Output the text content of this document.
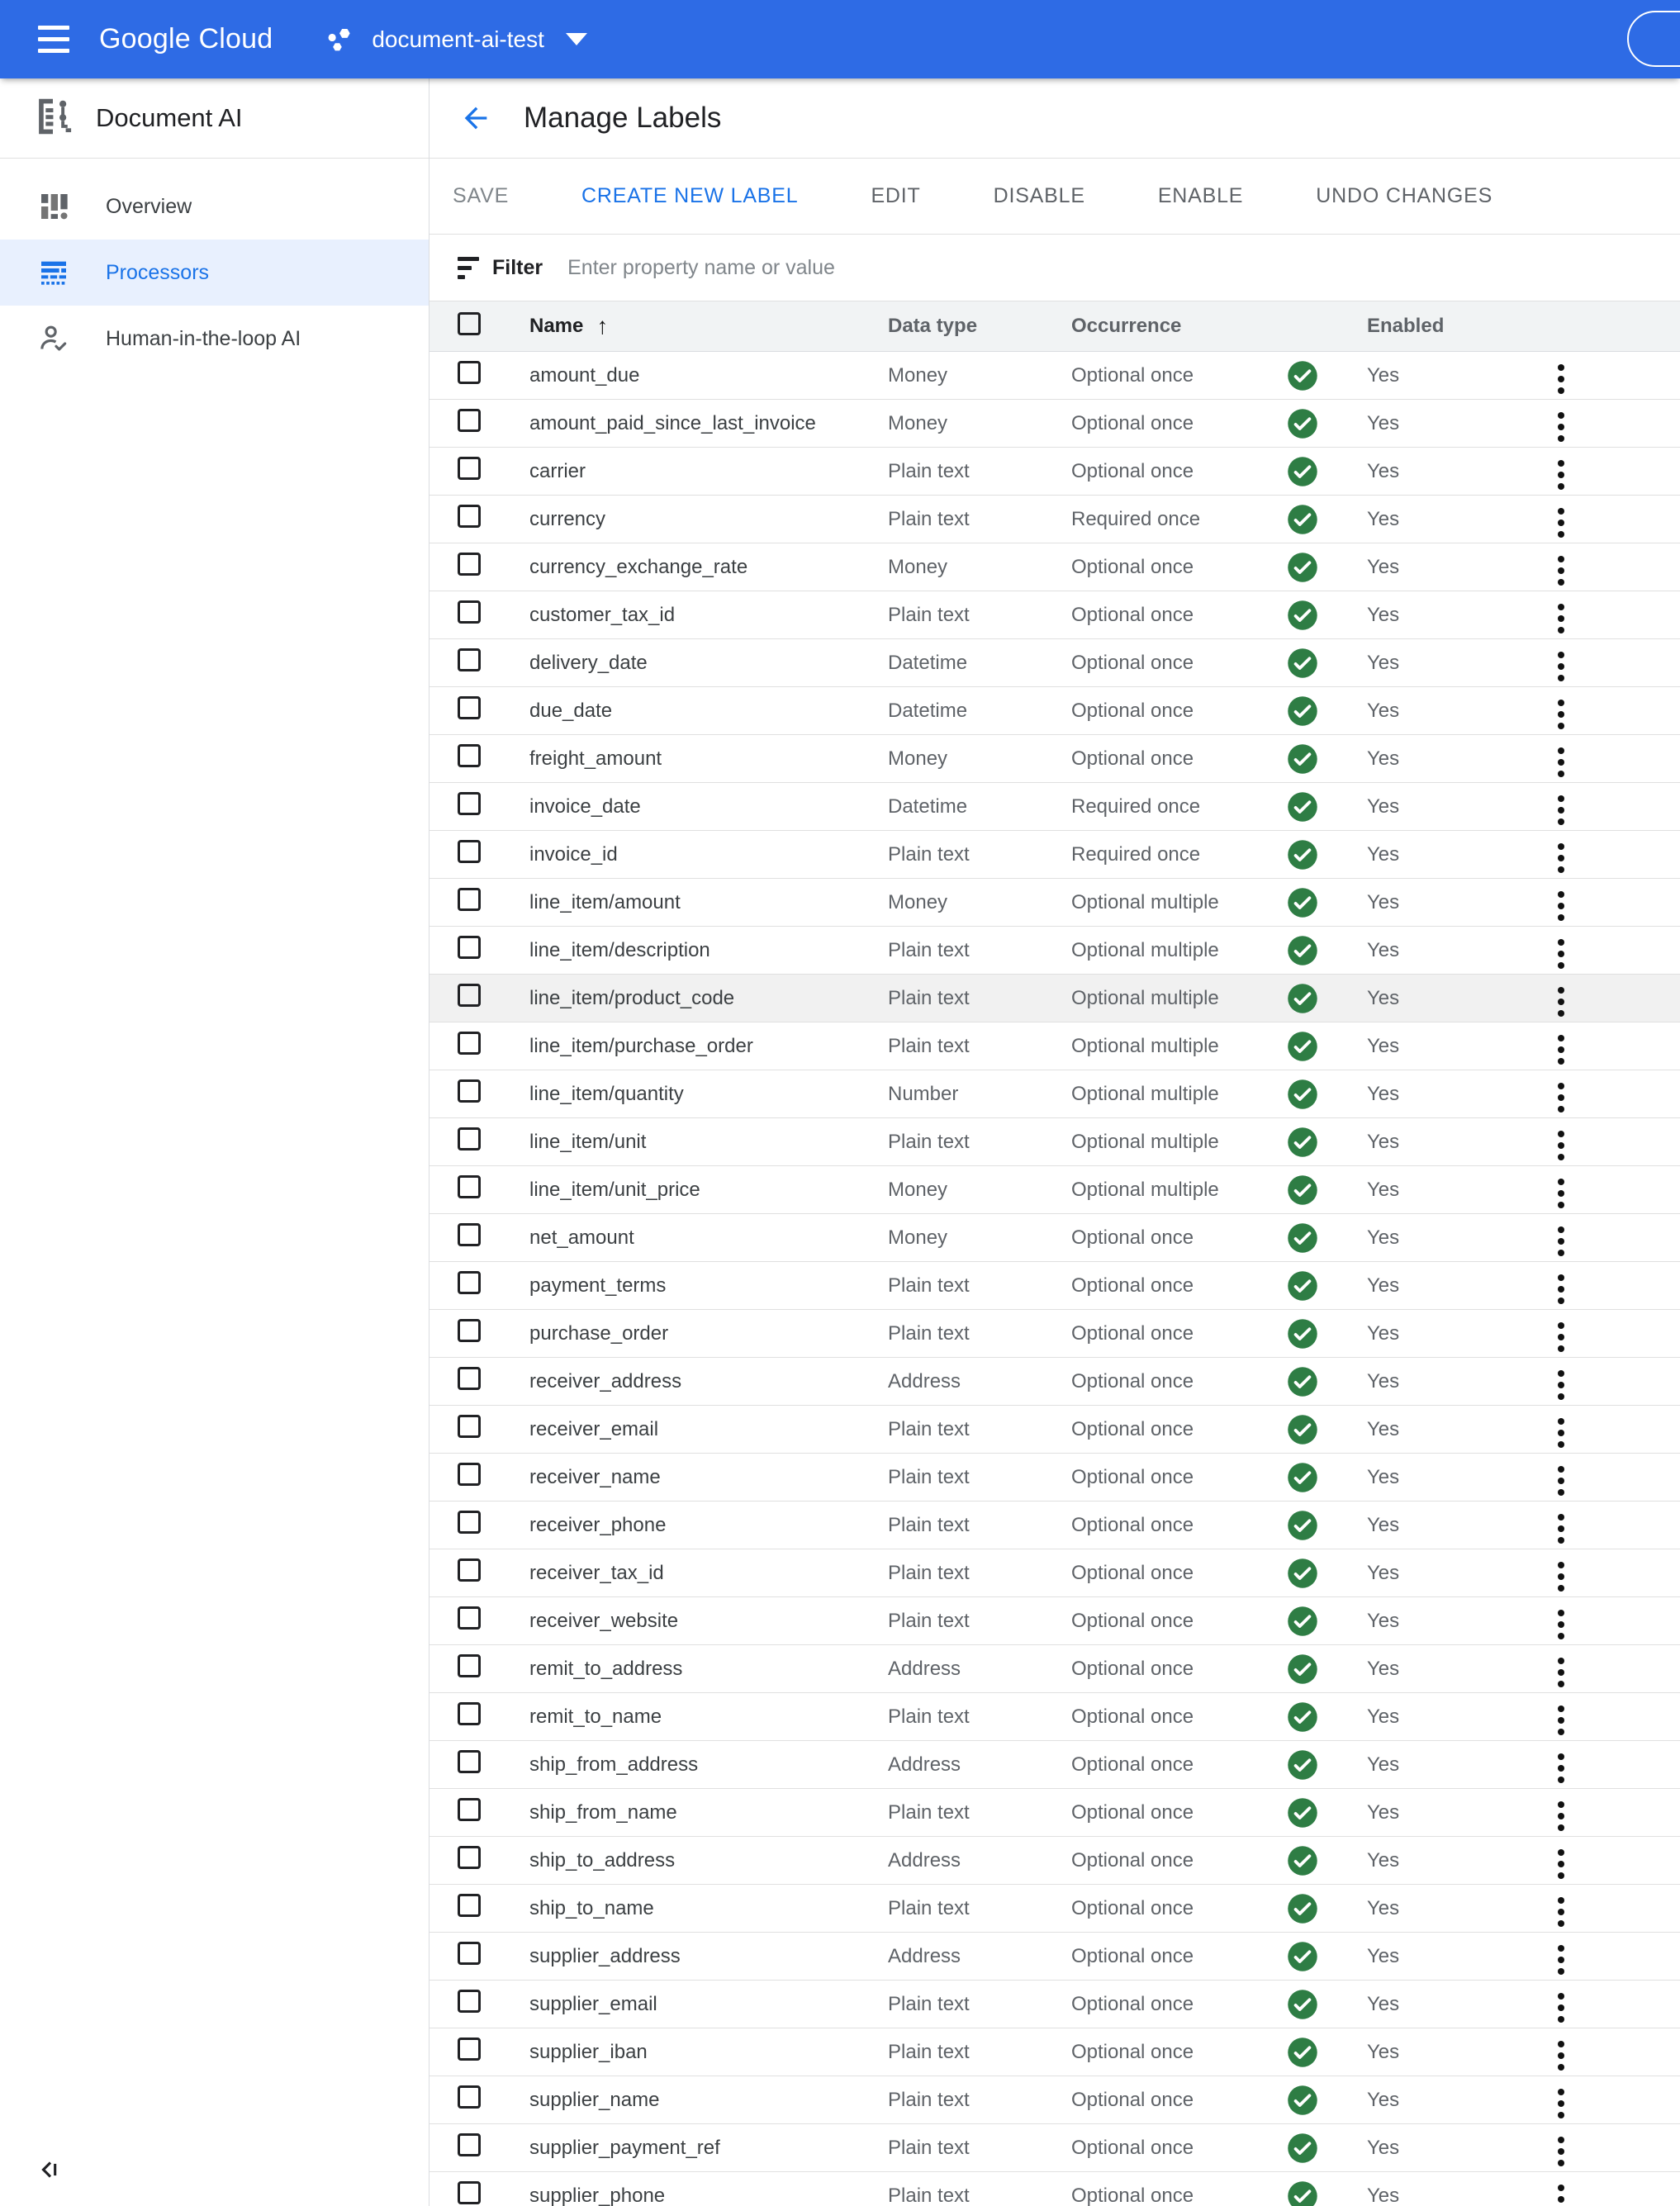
Google Cloud	document-ai-test
Document AI
Overview
Processors
Human-in-the-loop AI
Manage Labels
SAVE	CREATE NEW LABEL	EDIT	DISABLE	ENABLE	UNDO CHANGES
Filter
Enter property name or value
Name ↑	Data type	Occurrence	Enabled
amount_due	Money	Optional once	Yes
amount_paid_since_last_invoice	Money	Optional once	Yes
carrier	Plain text	Optional once	Yes
currency	Plain text	Required once	Yes
currency_exchange_rate	Money	Optional once	Yes
customer_tax_id	Plain text	Optional once	Yes
delivery_date	Datetime	Optional once	Yes
due_date	Datetime	Optional once	Yes
freight_amount	Money	Optional once	Yes
invoice_date	Datetime	Required once	Yes
invoice_id	Plain text	Required once	Yes
line_item/amount	Money	Optional multiple	Yes
line_item/description	Plain text	Optional multiple	Yes
line_item/product_code	Plain text	Optional multiple	Yes
line_item/purchase_order	Plain text	Optional multiple	Yes
line_item/quantity	Number	Optional multiple	Yes
line_item/unit	Plain text	Optional multiple	Yes
line_item/unit_price	Money	Optional multiple	Yes
net_amount	Money	Optional once	Yes
payment_terms	Plain text	Optional once	Yes
purchase_order	Plain text	Optional once	Yes
receiver_address	Address	Optional once	Yes
receiver_email	Plain text	Optional once	Yes
receiver_name	Plain text	Optional once	Yes
receiver_phone	Plain text	Optional once	Yes
receiver_tax_id	Plain text	Optional once	Yes
receiver_website	Plain text	Optional once	Yes
remit_to_address	Address	Optional once	Yes
remit_to_name	Plain text	Optional once	Yes
ship_from_address	Address	Optional once	Yes
ship_from_name	Plain text	Optional once	Yes
ship_to_address	Address	Optional once	Yes
ship_to_name	Plain text	Optional once	Yes
supplier_address	Address	Optional once	Yes
supplier_email	Plain text	Optional once	Yes
supplier_iban	Plain text	Optional once	Yes
supplier_name	Plain text	Optional once	Yes
supplier_payment_ref	Plain text	Optional once	Yes
supplier_phone	Plain text	Optional once	Yes
